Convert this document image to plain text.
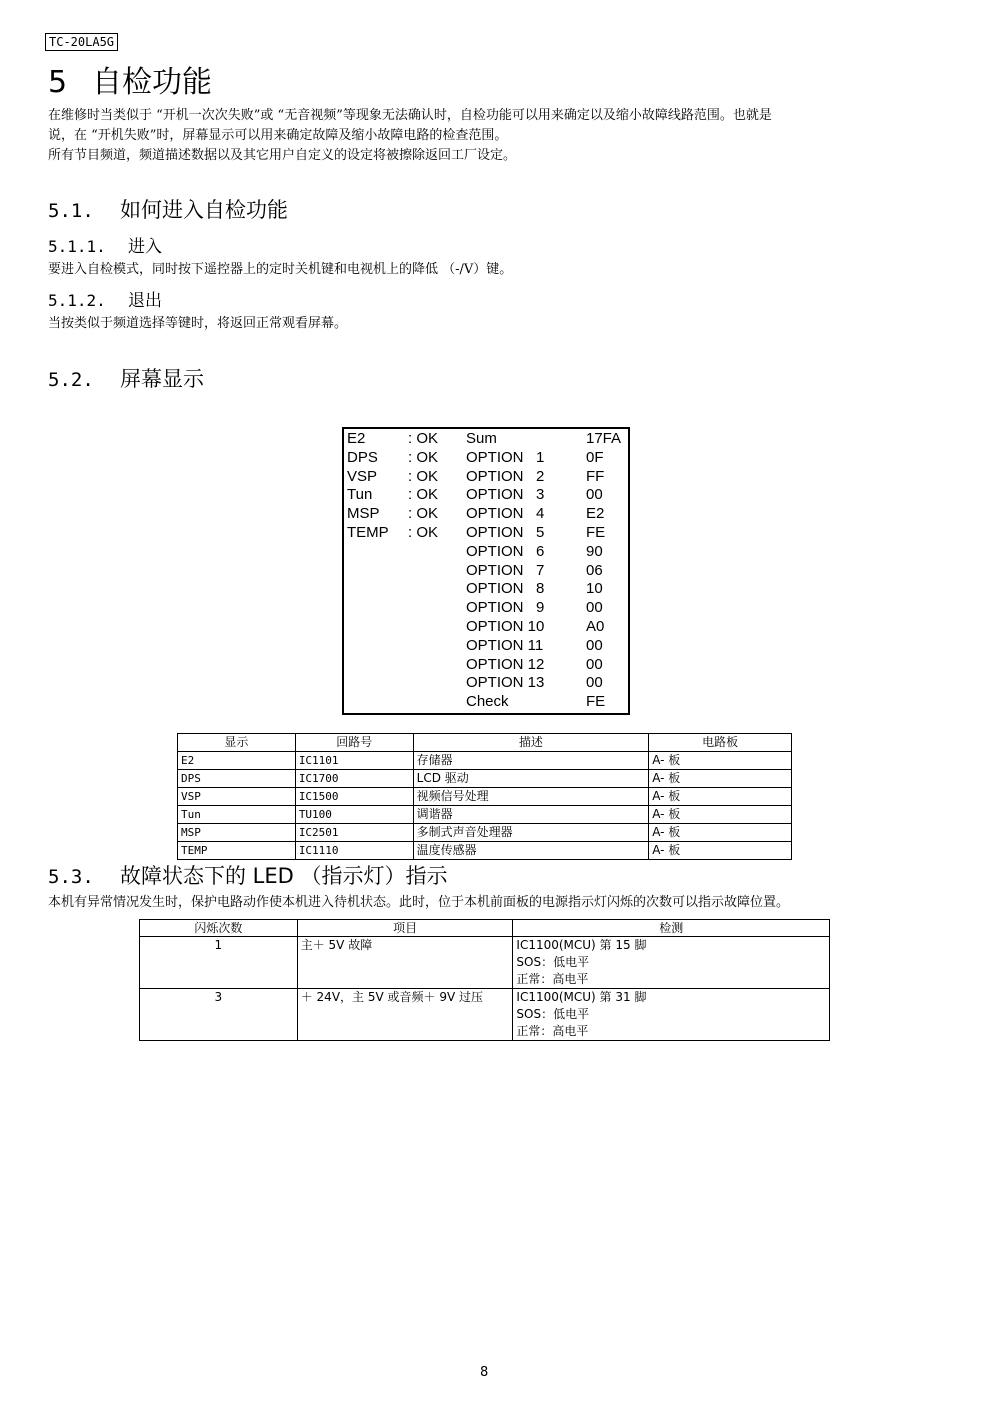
TC-20LA5G
5 自检功能
在维修时当类似于 “开机一次次失败”或 “无音视频”等现象无法确认时，自检功能可以用来确定以及缩小故障线路范围。也就是
说，在 “开机失败”时，屏幕显示可以用来确定故障及缩小故障电路的检查范围。
所有节目频道，频道描述数据以及其它用户自定义的设定将被擦除返回工厂设定。
5.1. 如何进入自检功能
5.1.1. 进入
要进入自检模式，同时按下遥控器上的定时关机键和电视机上的降低 （-/V）键。
5.1.2. 退出
当按类似于频道选择等键时，将返回正常观看屏幕。
5.2. 屏幕显示
E2	: OK Sum	17FA
DPS : OK OPTION   1	0F
VSP : OK OPTION   2	FF
Tun : OK OPTION   3	00
MSP : OK OPTION   4	E2
TEMP : OK OPTION   5	FE
OPTION   6	90
OPTION   7	06
OPTION   8	10
OPTION   9	00
OPTION 10	A0
OPTION 11	00
OPTION 12	00
OPTION 13	00
Check	FE
显示	回路号	描述	电路板
E2	IC1101	存储器	A- 板
DPS	IC1700	LCD 驱动	A- 板
VSP	IC1500	视频信号处理	A- 板
Tun	TU100	调谐器	A- 板
MSP	IC2501	多制式声音处理器	A- 板
TEMP	IC1110	温度传感器	A- 板
5.3. 故障状态下的 LED （指示灯）指示
本机有异常情况发生时，保护电路动作使本机进入待机状态。此时，位于本机前面板的电源指示灯闪烁的次数可以指示故障位置。
闪烁次数	项目	检测
1	主＋ 5V 故障	IC1100(MCU) 第 15 脚
SOS：低电平
正常：高电平

3	＋ 24V，主 5V 或音频＋ 9V 过压	IC1100(MCU) 第 31 脚
SOS：低电平
正常：高电平
8
